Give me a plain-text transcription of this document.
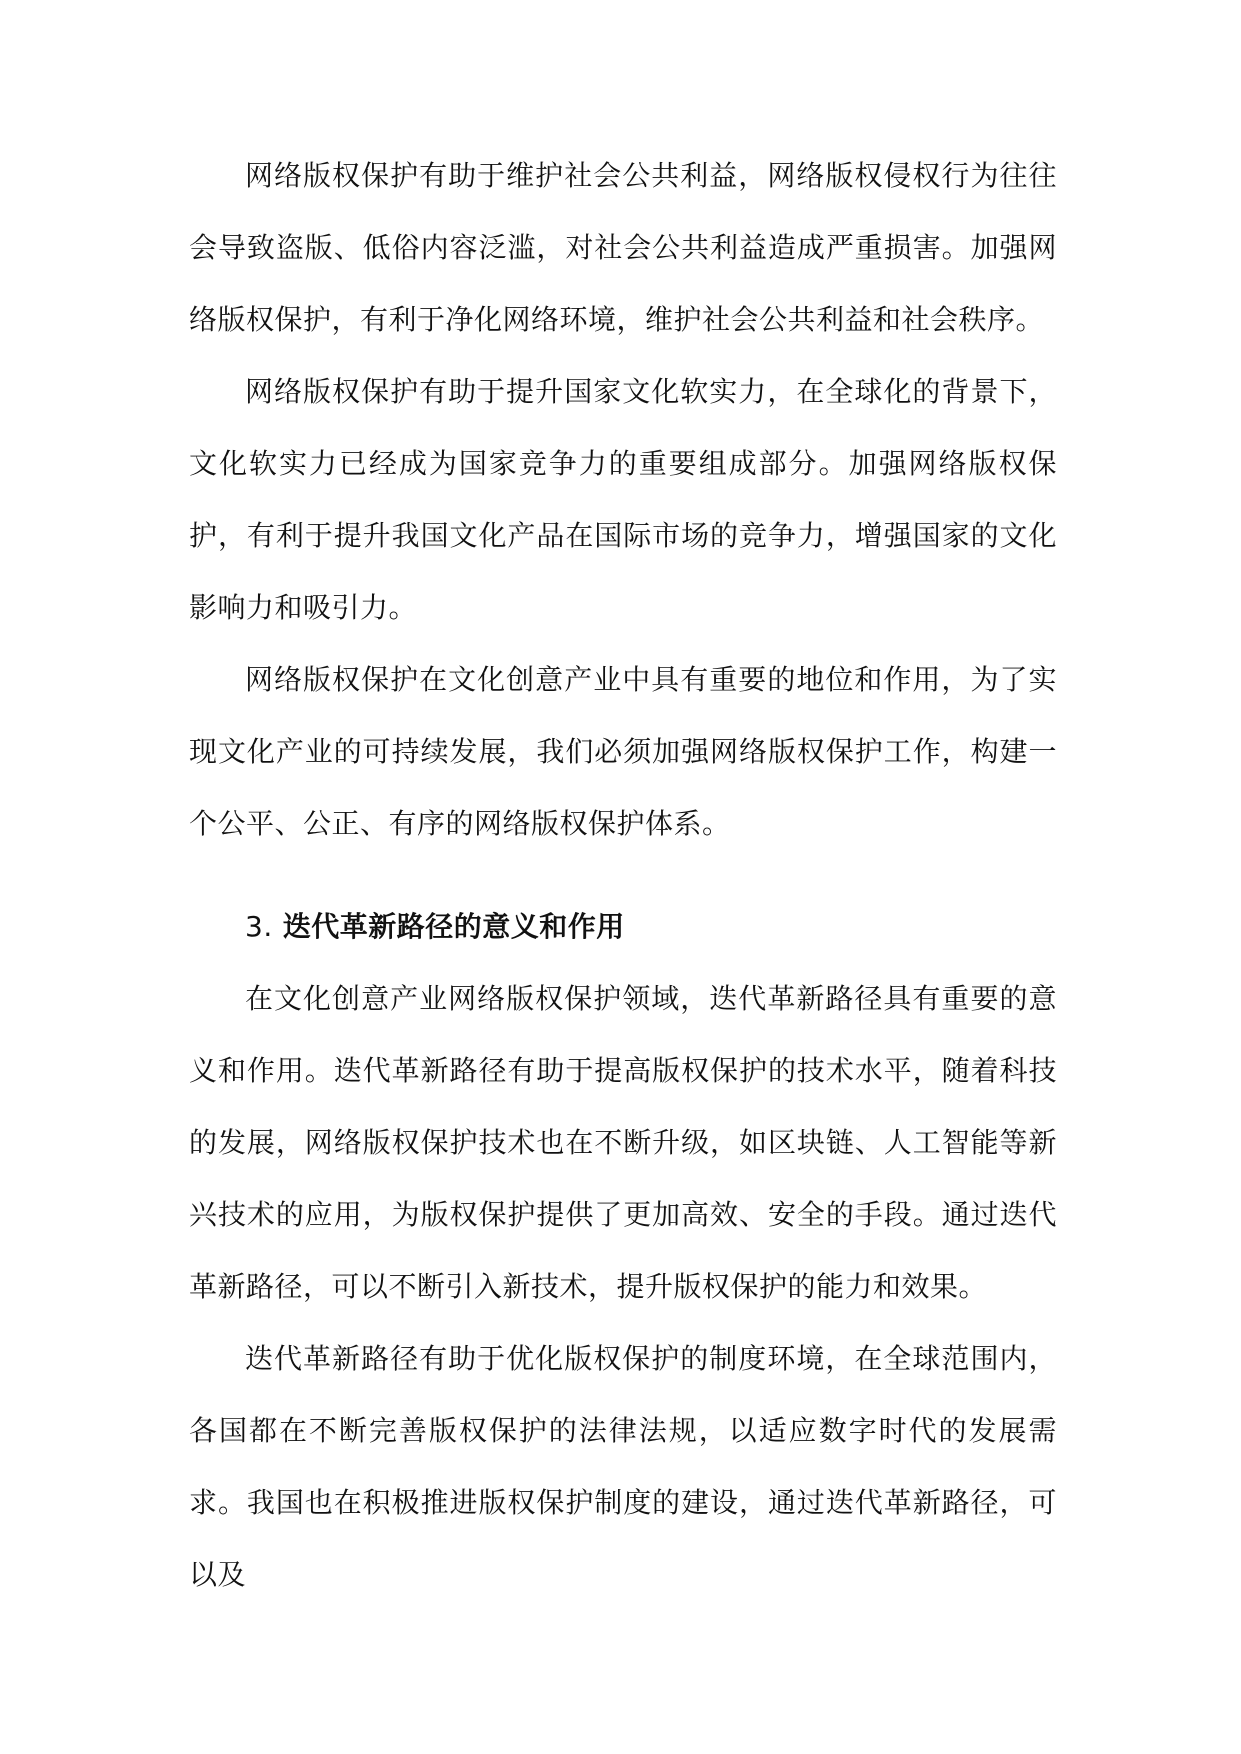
网络版权保护有助于维护社会公共利益，网络版权侵权行为往往会导致盗版、低俗内容泛滥，对社会公共利益造成严重损害。加强网络版权保护，有利于净化网络环境，维护社会公共利益和社会秩序。

网络版权保护有助于提升国家文化软实力，在全球化的背景下，文化软实力已经成为国家竞争力的重要组成部分。加强网络版权保护，有利于提升我国文化产品在国际市场的竞争力，增强国家的文化影响力和吸引力。

网络版权保护在文化创意产业中具有重要的地位和作用，为了实现文化产业的可持续发展，我们必须加强网络版权保护工作，构建一个公平、公正、有序的网络版权保护体系。

3. 迭代革新路径的意义和作用

在文化创意产业网络版权保护领域，迭代革新路径具有重要的意义和作用。迭代革新路径有助于提高版权保护的技术水平，随着科技的发展，网络版权保护技术也在不断升级，如区块链、人工智能等新兴技术的应用，为版权保护提供了更加高效、安全的手段。通过迭代革新路径，可以不断引入新技术，提升版权保护的能力和效果。

迭代革新路径有助于优化版权保护的制度环境，在全球范围内，各国都在不断完善版权保护的法律法规，以适应数字时代的发展需求。我国也在积极推进版权保护制度的建设，通过迭代革新路径，可以及
